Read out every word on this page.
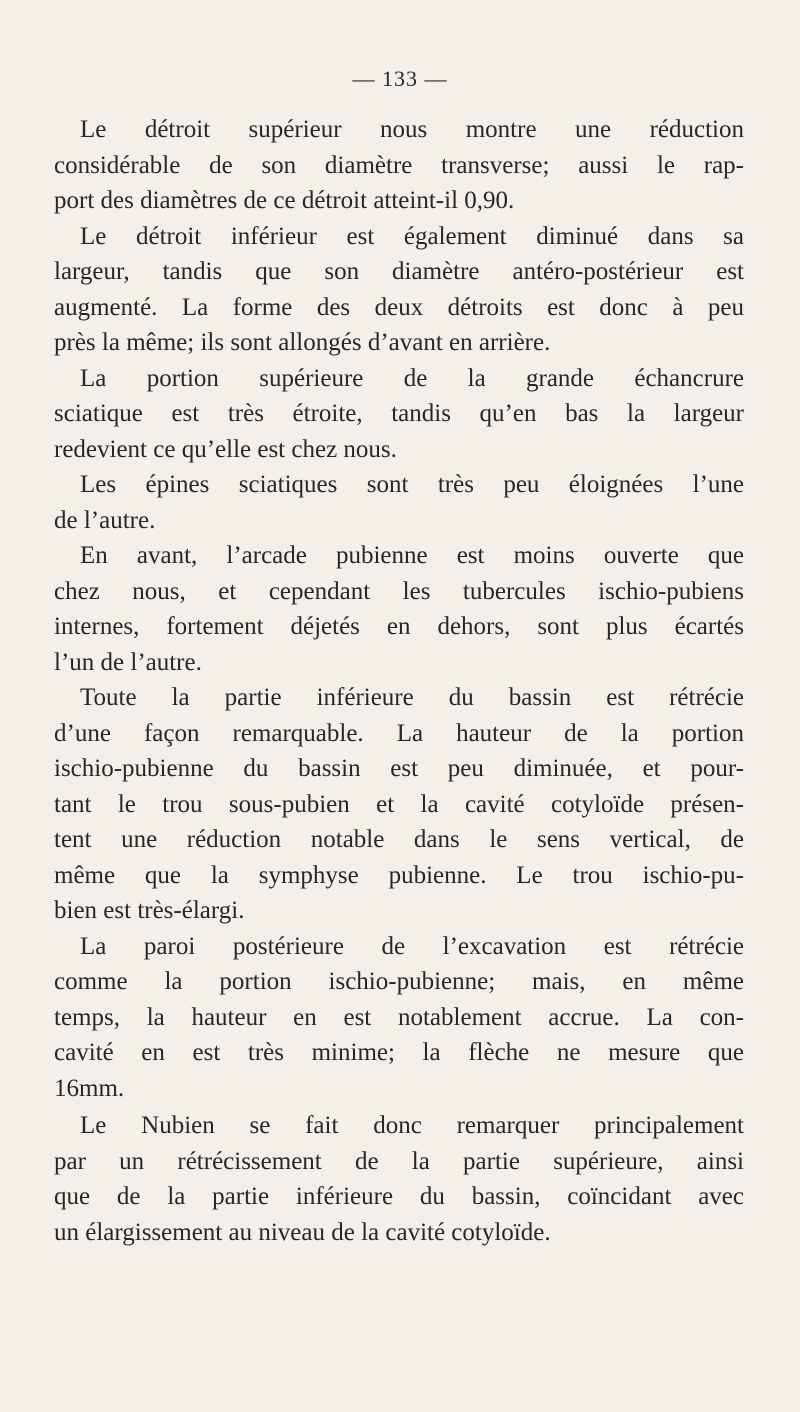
— 133 —

Le détroit supérieur nous montre une réduction
considérable de son diamètre transverse; aussi le rap-
port des diamètres de ce détroit atteint-il 0,90.

Le détroit inférieur est également diminué dans sa
largeur, tandis que son diamètre antéro-postérieur est
augmenté. La forme des deux détroits est donc à peu
près la même; ils sont allongés d’avant en arrière.

La portion supérieure de la grande échancrure
sciatique est très étroite, tandis qu’en bas la largeur
redevient ce qu’elle est chez nous.

Les épines sciatiques sont très peu éloignées l’une
de l’autre.

En avant, l’arcade pubienne est moins ouverte que
chez nous, et cependant les tubercules ischio-pubiens
internes, fortement déjetés en dehors, sont plus écartés
l’un de l’autre.

Toute la partie inférieure du bassin est rétrécie
d’une façon remarquable. La hauteur de la portion
ischio-pubienne du bassin est peu diminuée, et pour-
tant le trou sous-pubien et la cavité cotyloïde présen-
tent une réduction notable dans le sens vertical, de
même que la symphyse pubienne. Le trou ischio-pu-
bien est très-élargi.

La paroi postérieure de l’excavation est rétrécie
comme la portion ischio-pubienne; mais, en même
temps, la hauteur en est notablement accrue. La con-
cavité en est très minime; la flèche ne mesure que
16mm.

Le Nubien se fait donc remarquer principalement
par un rétrécissement de la partie supérieure, ainsi
que de la partie inférieure du bassin, coïncidant avec
un élargissement au niveau de la cavité cotyloïde.
